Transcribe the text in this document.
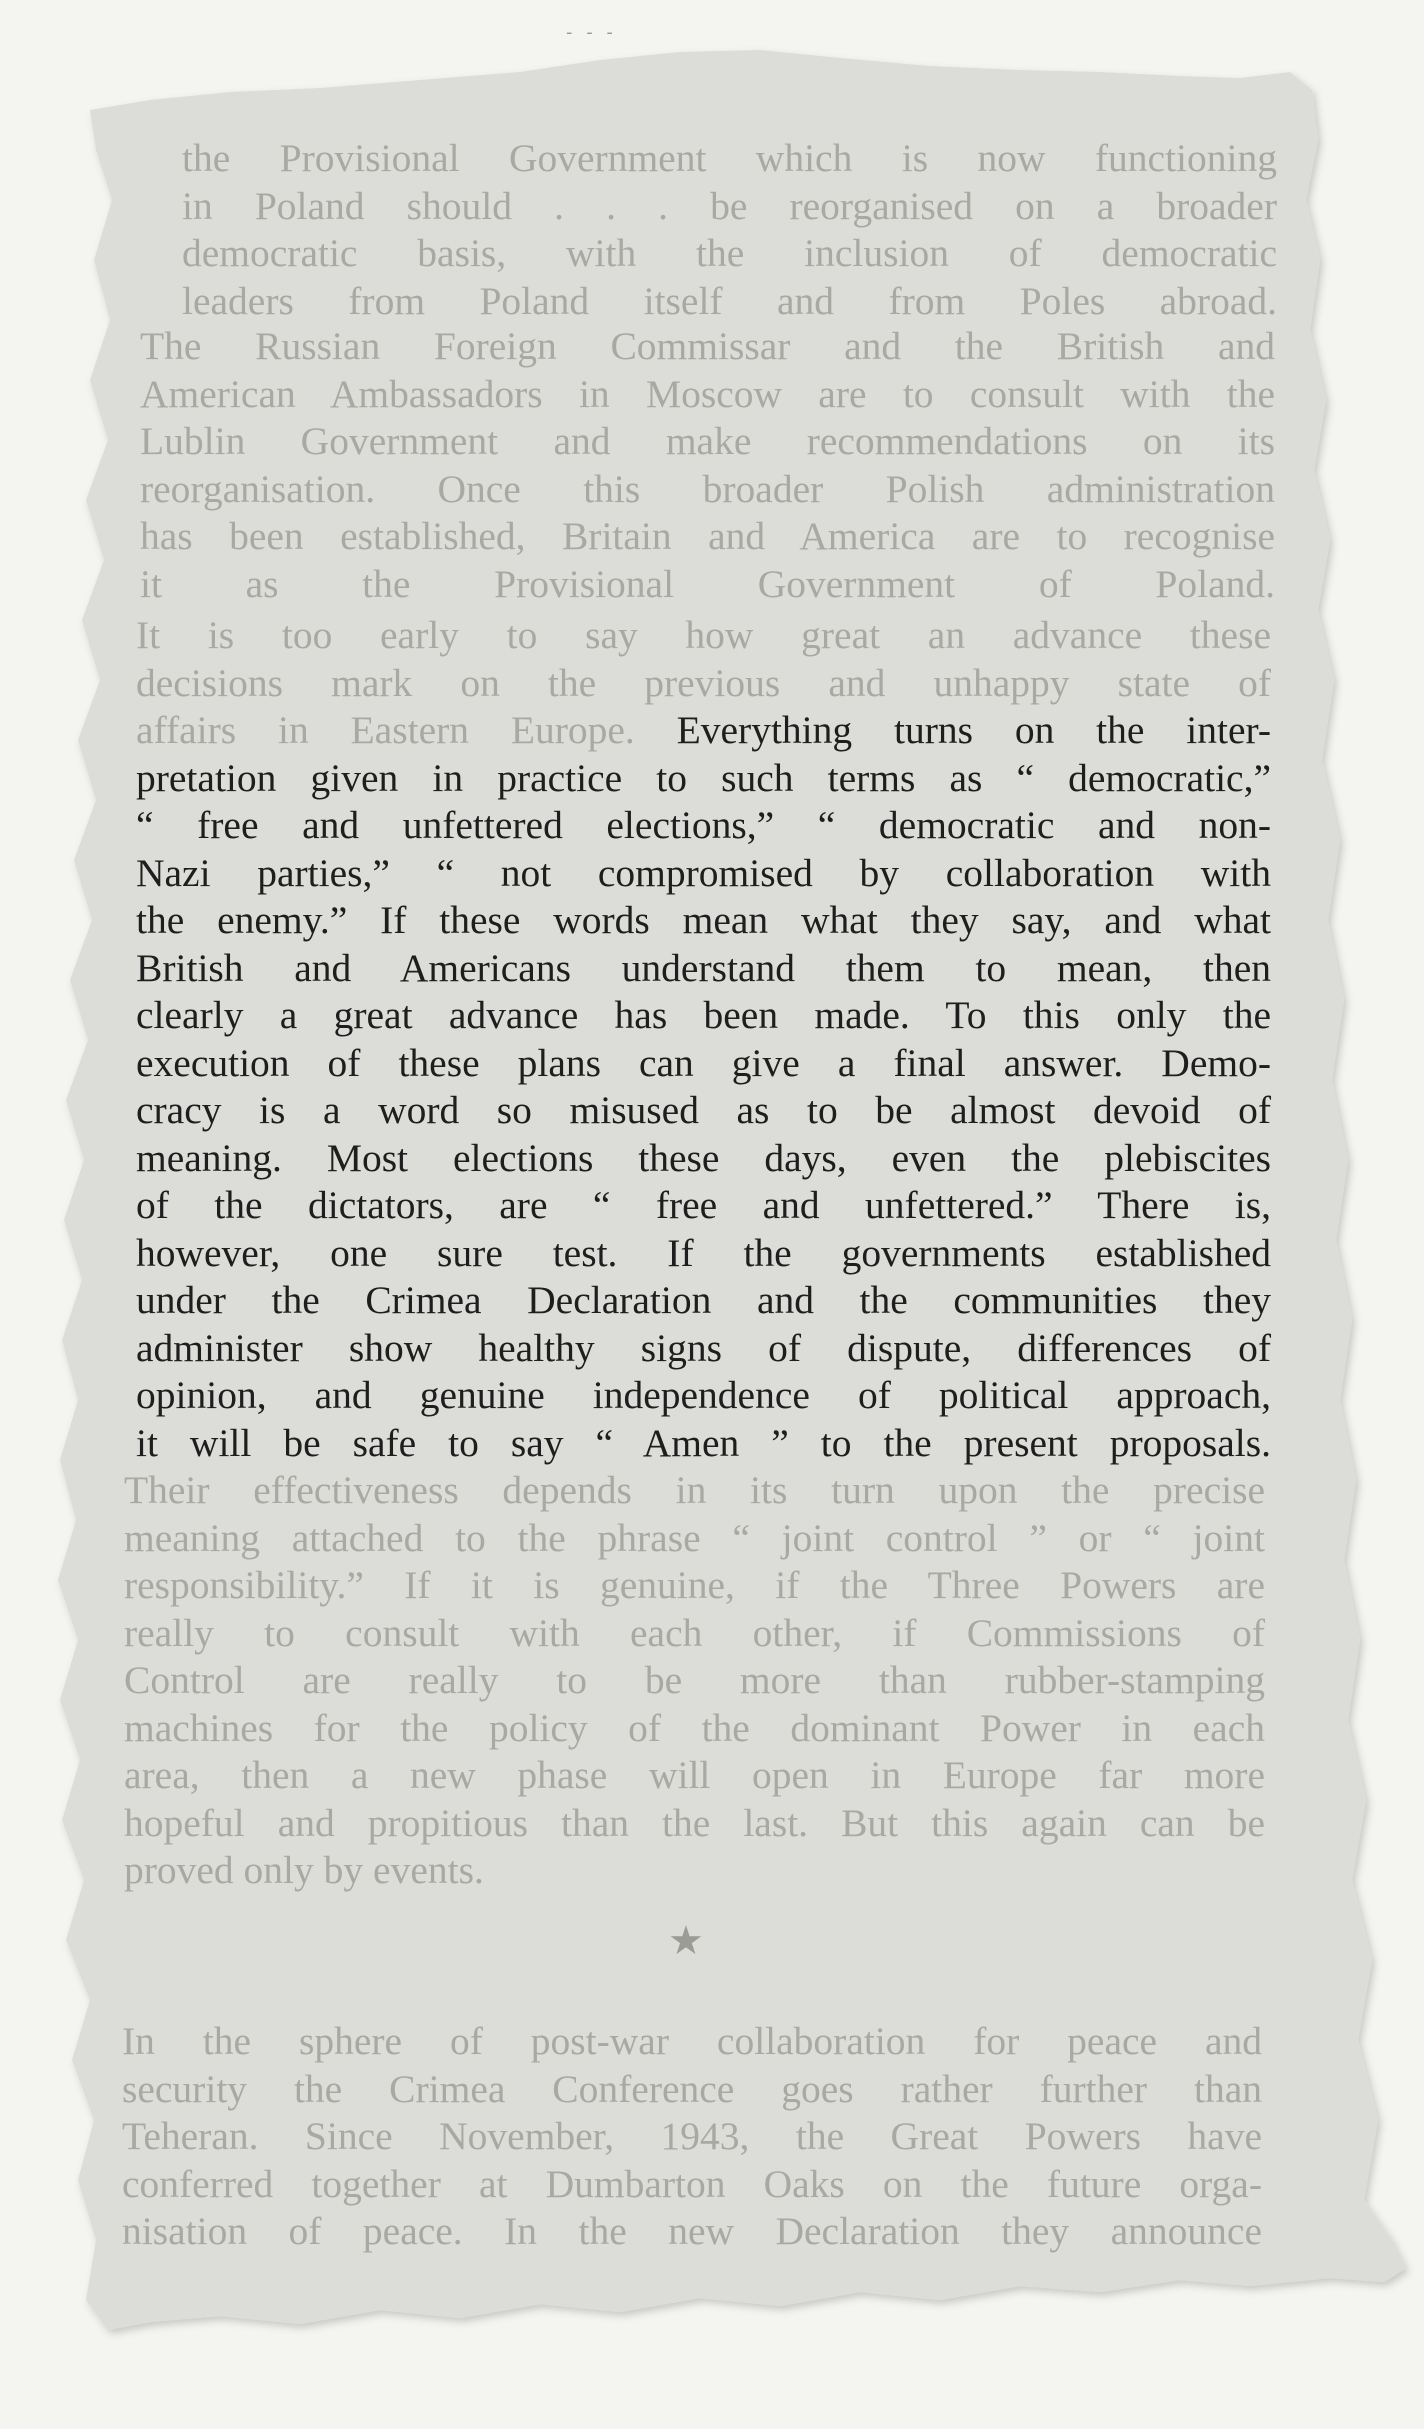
- - -

the Provisional Government which is now functioning
in Poland should . . . be reorganised on a broader
democratic basis, with the inclusion of democratic
leaders from Poland itself and from Poles abroad.

The Russian Foreign Commissar and the British and
American Ambassadors in Moscow are to consult with the
Lublin Government and make recommendations on its
reorganisation. Once this broader Polish administration
has been established, Britain and America are to recognise
it as the Provisional Government of Poland.

It is too early to say how great an advance these
decisions mark on the previous and unhappy state of
affairs in Eastern Europe. Everything turns on the inter-
pretation given in practice to such terms as “ democratic,”
“ free and unfettered elections,” “ democratic and non-
Nazi parties,” “ not compromised by collaboration with
the enemy.” If these words mean what they say, and what
British and Americans understand them to mean, then
clearly a great advance has been made. To this only the
execution of these plans can give a final answer. Demo-
cracy is a word so misused as to be almost devoid of
meaning. Most elections these days, even the plebiscites
of the dictators, are “ free and unfettered.” There is,
however, one sure test. If the governments established
under the Crimea Declaration and the communities they
administer show healthy signs of dispute, differences of
opinion, and genuine independence of political approach,
it will be safe to say “ Amen ” to the present proposals.

Their effectiveness depends in its turn upon the precise
meaning attached to the phrase “ joint control ” or “ joint
responsibility.” If it is genuine, if the Three Powers are
really to consult with each other, if Commissions of
Control are really to be more than rubber-stamping
machines for the policy of the dominant Power in each
area, then a new phase will open in Europe far more
hopeful and propitious than the last. But this again can be
proved only by events.

★

In the sphere of post-war collaboration for peace and
security the Crimea Conference goes rather further than
Teheran. Since November, 1943, the Great Powers have
conferred together at Dumbarton Oaks on the future orga-
nisation of peace. In the new Declaration they announce
